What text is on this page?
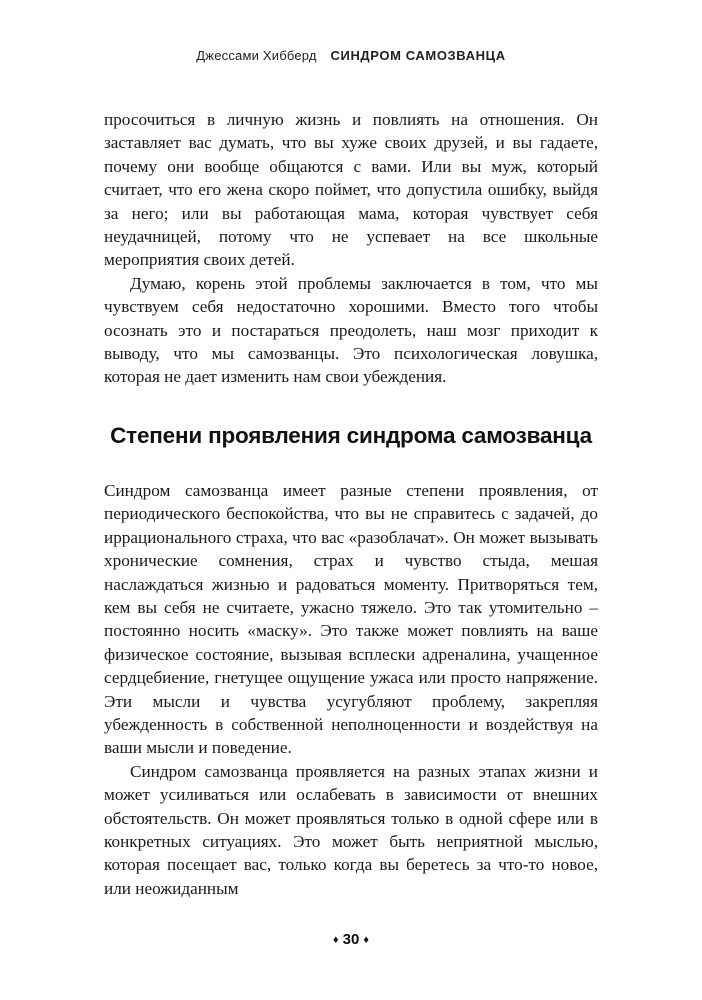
Джессами Хибберд СИНДРОМ САМОЗВАНЦА

просочиться в личную жизнь и повлиять на отношения. Он заставляет вас думать, что вы хуже своих друзей, и вы гадаете, почему они вообще общаются с вами. Или вы муж, который считает, что его жена скоро поймет, что допустила ошибку, выйдя за него; или вы работающая мама, которая чувствует себя неудачницей, потому что не успевает на все школьные мероприятия своих детей.

Думаю, корень этой проблемы заключается в том, что мы чувствуем себя недостаточно хорошими. Вместо того чтобы осознать это и постараться преодолеть, наш мозг приходит к выводу, что мы самозванцы. Это психологическая ловушка, которая не дает изменить нам свои убеждения.

Степени проявления синдрома самозванца

Синдром самозванца имеет разные степени проявления, от периодического беспокойства, что вы не справитесь с задачей, до иррационального страха, что вас «разоблачат». Он может вызывать хронические сомнения, страх и чувство стыда, мешая наслаждаться жизнью и радоваться моменту. Притворяться тем, кем вы себя не считаете, ужасно тяжело. Это так утомительно – постоянно носить «маску». Это также может повлиять на ваше физическое состояние, вызывая всплески адреналина, учащенное сердцебиение, гнетущее ощущение ужаса или просто напряжение. Эти мысли и чувства усугубляют проблему, закрепляя убежденность в собственной неполноценности и воздействуя на ваши мысли и поведение.

Синдром самозванца проявляется на разных этапах жизни и может усиливаться или ослабевать в зависимости от внешних обстоятельств. Он может проявляться только в одной сфере или в конкретных ситуациях. Это может быть неприятной мыслью, которая посещает вас, только когда вы беретесь за что-то новое, или неожиданным

♦ 30 ♦
